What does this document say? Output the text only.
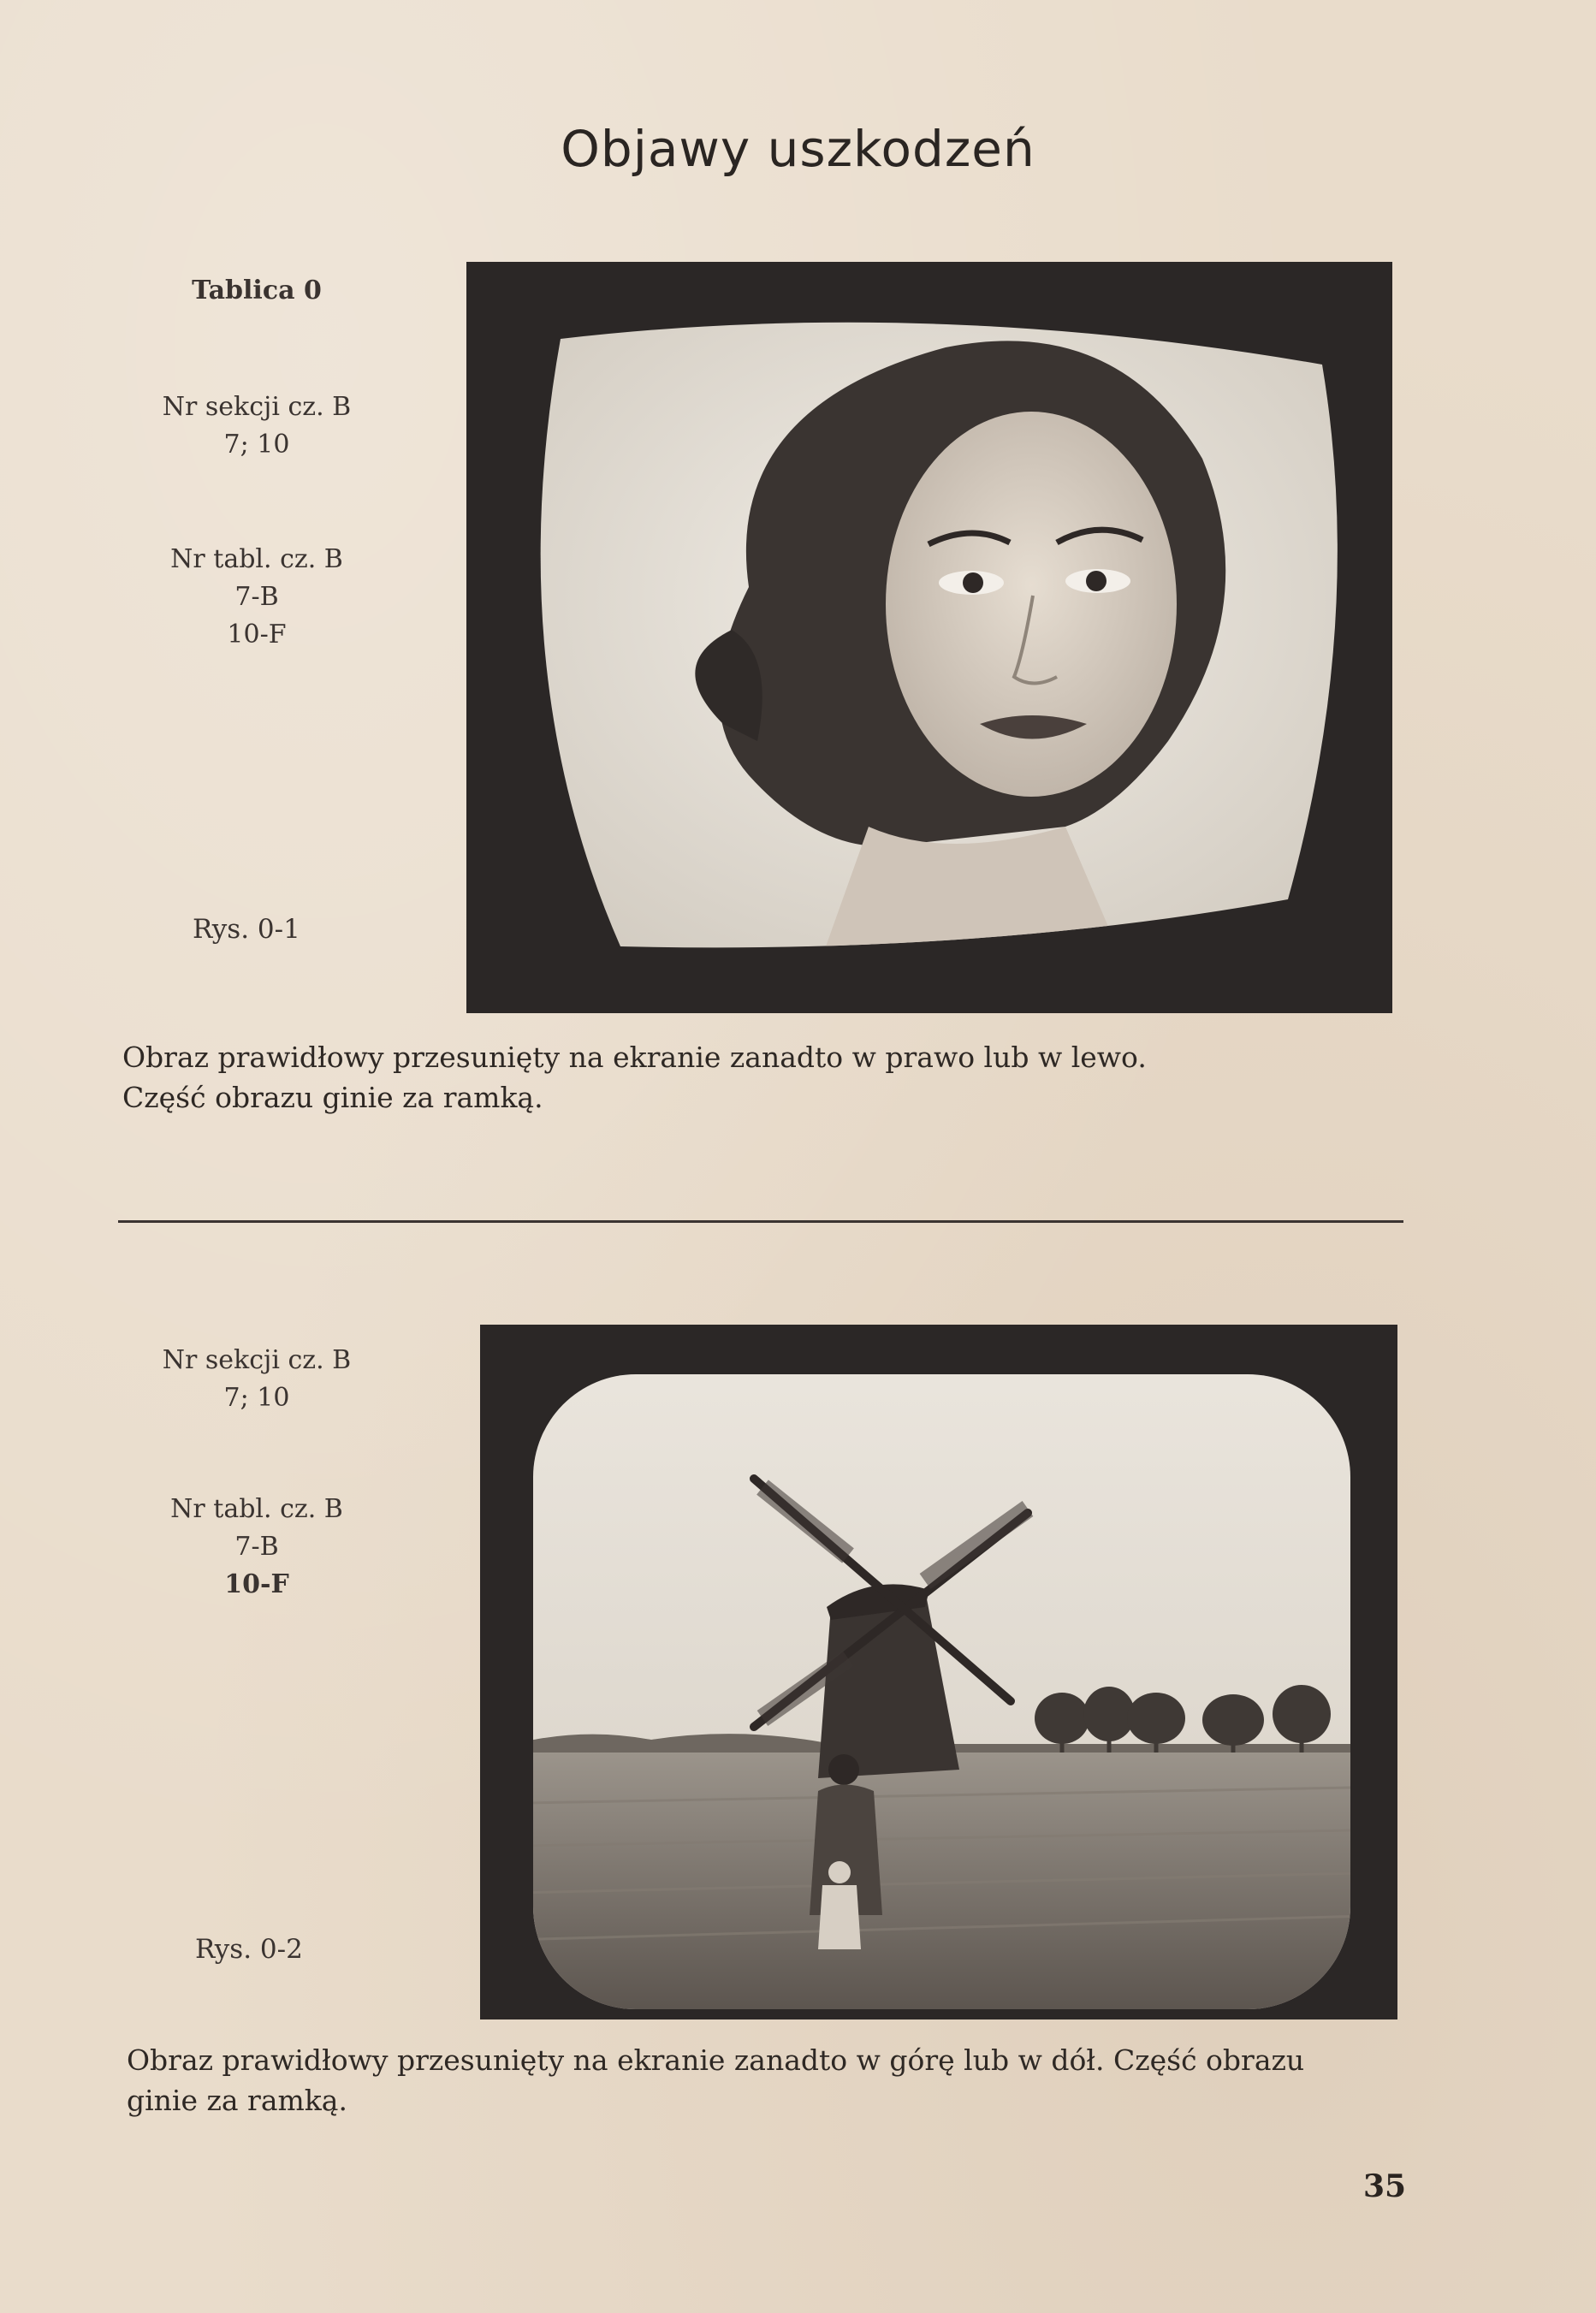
Objawy uszkodzeń
Tablica 0
Nr sekcji cz. B
7; 10
Nr tabl. cz. B
7-B
10-F
Rys. 0-1
Obraz prawidłowy przesunięty na ekranie zanadto w prawo lub w lewo.
Część obrazu ginie za ramką.
Nr sekcji cz. B
7; 10
Nr tabl. cz. B
7-B
10-F
Rys. 0-2
Obraz prawidłowy przesunięty na ekranie zanadto w górę lub w dół. Część obrazu
ginie za ramką.
35
